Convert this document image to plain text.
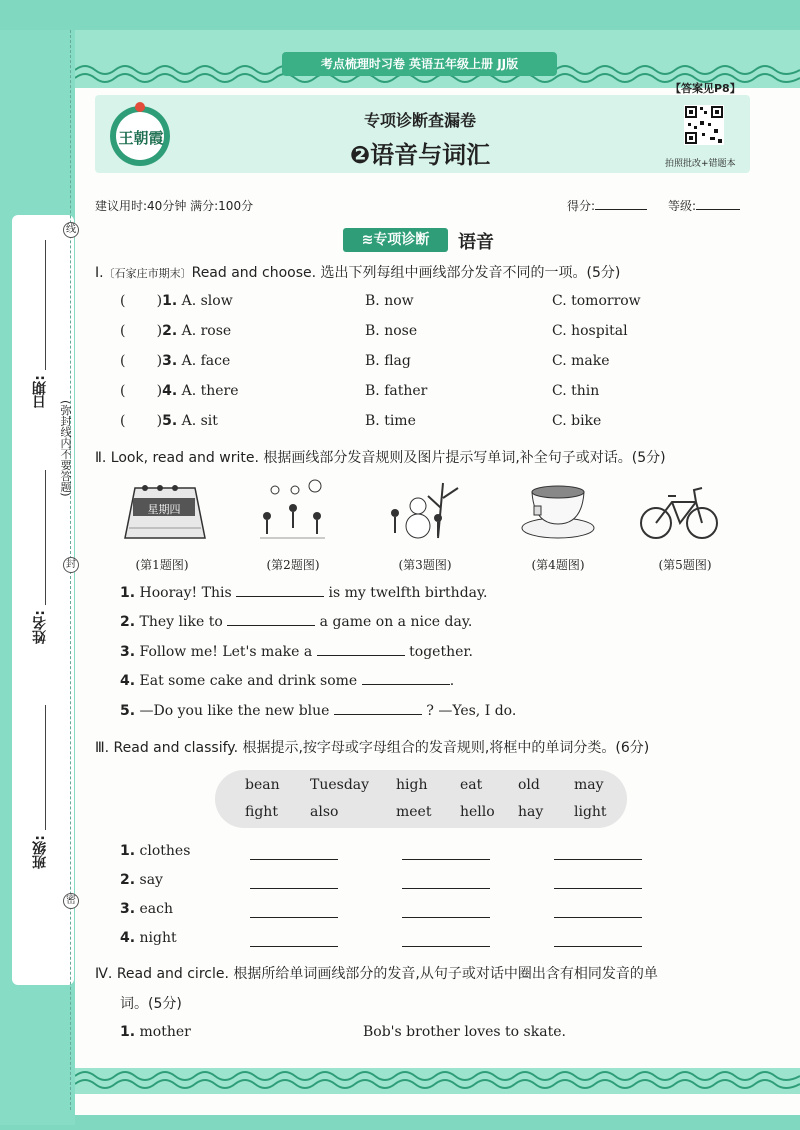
考点梳理时习卷 英语五年级上册 JJ版
【答案见P8】
王朝霞
专项诊断查漏卷
❷语音与词汇	拍照批改+错题本
建议用时:40分钟 满分:100分	得分:	等级:
日期:
姓名:
班级:
线
封
密
(弥封线内不要答题)
≋专项诊断	语音
Ⅰ.〔石家庄市期末〕Read and choose. 选出下列每组中画线部分发音不同的一项。(5分)
(       )1. A. slow	B. now	C. tomorrow
(       )2. A. rose	B. nose	C. hospital
(       )3. A. face	B. flag	C. make
(       )4. A. there	B. father	C. thin
(       )5. A. sit	B. time	C. bike
Ⅱ. Look, read and write. 根据画线部分发音规则及图片提示写单词,补全句子或对话。(5分)
星期四
(第1题图)	(第2题图)	(第3题图)	(第4题图)	(第5题图)
1. Hooray! This	is my twelfth birthday.
2. They like to	a game on a nice day.
3. Follow me! Let's make a	together.
4. Eat some cake and drink some	.
5. —Do you like the new blue	? —Yes, I do.
Ⅲ. Read and classify. 根据提示,按字母或字母组合的发音规则,将框中的单词分类。(6分)
bean Tuesday high eat	old may
fight also	meet hello hay light
1. clothes
2. say
3. each
4. night
Ⅳ. Read and circle. 根据所给单词画线部分的发音,从句子或对话中圈出含有相同发音的单
词。(5分)
1. mother	Bob's brother loves to skate.
